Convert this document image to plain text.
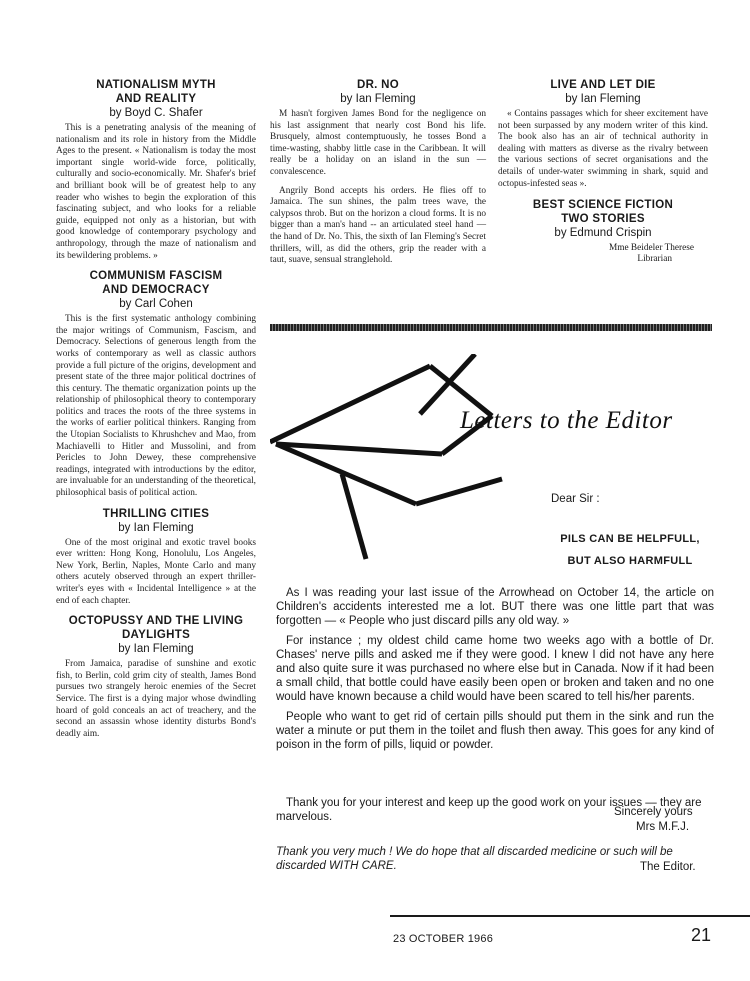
NATIONALISM MYTH
AND REALITY
by Boyd C. Shafer

This is a penetrating analysis of the meaning of nationalism and its role in history from the Middle Ages to the present. « Nationalism is today the most important single world-wide force, politically, culturally and socio-economically. Mr. Shafer's brief and brilliant book will be of greatest help to any reader who wishes to begin the exploration of this fascinating subject, and who looks for a reliable guide, equipped not only as a historian, but with good knowledge of contemporary psychology and anthropology, through the maze of nationalism and its bewildering problems. »

COMMUNISM FASCISM
AND DEMOCRACY
by Carl Cohen

This is the first systematic anthology combining the major writings of Communism, Fascism, and Democracy. Selections of generous length from the works of contemporary as well as classic authors provide a full picture of the origins, development and present state of the three major political doctrines of this century. The thematic organization points up the relationship of philosophical theory to contemporary politics and traces the roots of the three systems in the works of earlier political thinkers. Ranging from the Utopian Socialists to Khrushchev and Mao, from Machiavelli to Hitler and Mussolini, and from Pericles to John Dewey, these comprehensive readings, integrated with introductions by the editor, are invaluable for an understanding of the theoretical, philosophical basis of political action.

THRILLING CITIES
by Ian Fleming

One of the most original and exotic travel books ever written: Hong Kong, Honolulu, Los Angeles, New York, Berlin, Naples, Monte Carlo and many others acutely observed through an expert thriller-writer's eyes with « Incidental Intelligence » at the end of each chapter.

OCTOPUSSY AND THE LIVING
DAYLIGHTS
by Ian Fleming

From Jamaica, paradise of sunshine and exotic fish, to Berlin, cold grim city of stealth, James Bond pursues two strangely heroic enemies of the Secret Service. The first is a dying major whose dwindling hoard of gold conceals an act of treachery, and the second an assassin whose identity disturbs Bond's deadly aim.

DR. NO
by Ian Fleming

M hasn't forgiven James Bond for the negligence on his last assignment that nearly cost Bond his life. Brusquely, almost contemptuously, he tosses Bond a time-wasting, shabby little case in the Caribbean. It will really be a holiday on an island in the sun — convalescence.

Angrily Bond accepts his orders. He flies off to Jamaica. The sun shines, the palm trees wave, the calypsos throb. But on the horizon a cloud forms. It is no bigger than a man's hand -- an articulated steel hand — the hand of Dr. No. This, the sixth of Ian Fleming's Secret thrillers, will, as did the others, grip the reader with a taut, suave, sensual stranglehold.

LIVE AND LET DIE
by Ian Fleming

« Contains passages which for sheer excitement have not been surpassed by any modern writer of this kind. The book also has an air of technical authority in dealing with matters as diverse as the rivalry between the various sections of secret organisations and the details of under-water swimming in shark, squid and octopus-infested seas ».

BEST SCIENCE FICTION
TWO STORIES
by Edmund Crispin
Mme Beideler Therese
Librarian
Letters to the Editor
Dear Sir :
PILS CAN BE HELPFULL,
BUT ALSO HARMFULL

As I was reading your last issue of the Arrowhead on October 14, the article on Children's accidents interested me a lot. BUT there was one little part that was forgotten — « People who just discard pills any old way. »

For instance ; my oldest child came home two weeks ago with a bottle of Dr. Chases' nerve pills and asked me if they were good. I knew I did not have any here and also quite sure it was purchased no where else but in Canada. Now if it had been a small child, that bottle could have easily been open or broken and taken and no one would have known because a child would have been scared to tell his/her parents.

People who want to get rid of certain pills should put them in the sink and run the water a minute or put them in the toilet and flush then away. This goes for any kind of poison in the form of pills, liquid or powder.

Thank you for your interest and keep up the good work on your issues — they are marvelous.	Sincerely yours
Mrs M.F.J.
Thank you very much ! We do hope that all discarded medicine or such will be discarded WITH CARE.	The Editor.
23 OCTOBER 1966	21
